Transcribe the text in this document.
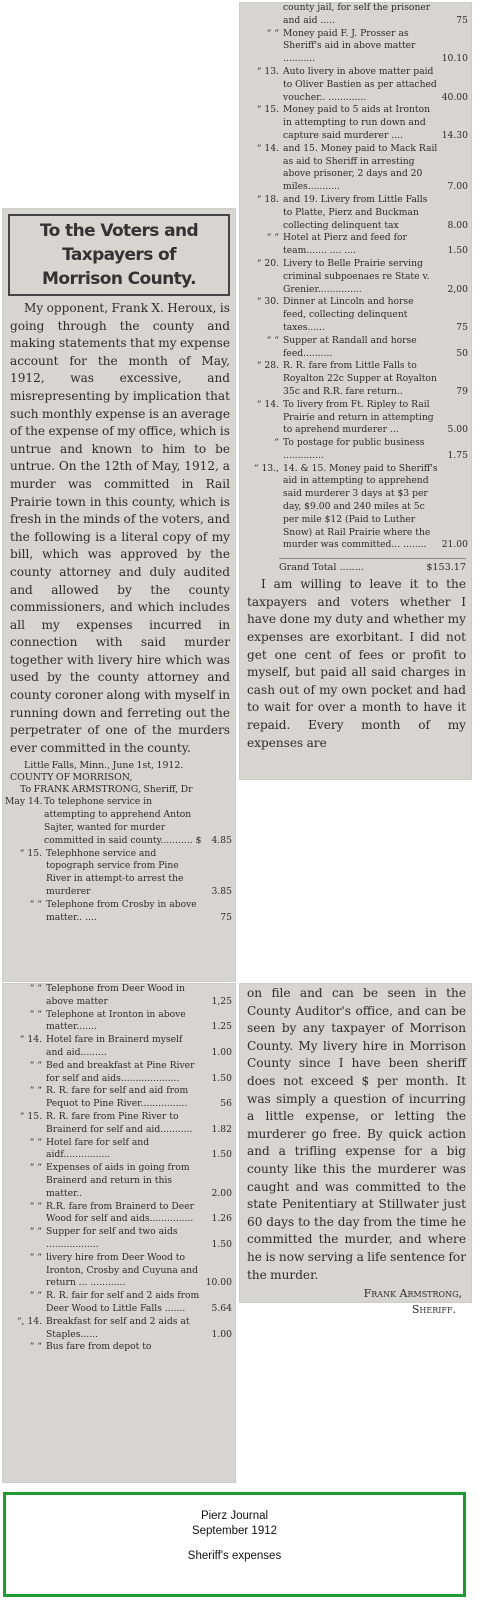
To the Voters and Taxpayers of
Morrison County.

My opponent, Frank X. Heroux, is going through the county and making statements that my expense account for the month of May, 1912, was excessive, and misrepresenting by implication that such monthly expense is an average of the expense of my office, which is untrue and known to him to be untrue. On the 12th of May, 1912, a murder was committed in Rail Prairie town in this county, which is fresh in the minds of the voters, and the following is a literal copy of my bill, which was approved by the county attorney and duly audited and allowed by the county commissioners, and which includes all my expenses incurred in connection with said murder together with livery hire which was used by the county attorney and county coroner along with myself in running down and ferreting out the perpetrater of one of the murders ever committed in the county.

Little Falls, Minn., June 1st, 1912.
COUNTY OF MORRISON,
To FRANK ARMSTRONG, Sheriff, Dr
May 14. To telephone service in attempting to apprehend Anton Sajter, wanted for murder committed in said county........... $	4.85
“ 15. Telephhone service and topograph service from Pine River in attempt-to arrest the murderer	3.85
“ “ Telephone from Crosby in above matter.. ....	75
county jail, for self the prisoner and aid .....	75
“ “ Money paid F. J. Prosser as Sheriff's aid in above matter ...........	10.10
“ 13. Auto livery in above matter paid to Oliver Bastien as per attached voucher.. .............	40.00
“ 15. Money paid to 5 aids at Ironton in attempting to run down and capture said murderer ....	14.30
“ 14. and 15. Money paid to Mack Rail as aid to Sheriff in arresting above prisoner, 2 days and 20 miles...........	7.00
“ 18. and 19. Livery from Little Falls to Platte, Pierz and Buckman collecting delinquent tax	8.00
“ “ Hotel at Pierz and feed for team....... .... ....	1.50
“ 20. Livery to Belle Prairie serving criminal subpoenaes re State v. Grenier...............	2,00
“ 30. Dinner at Lincoln and horse feed, collecting delinquent taxes......	75
“ “ Supper at Randall and horse feed..........	50
“ 28. R. R. fare from Little Falls to Royalton 22c Supper at Royalton 35c and R.R. fare return..	79
“ 14. To livery from Ft. Ripley to Rail Prairie and return in attempting to aprehend murderer ...	5.00
“ To postage for public business ..............	1.75
“ 13., 14. & 15. Money paid to Sheriff's aid in attempting to apprehend said murderer 3 days at $3 per day, $9.00 and 240 miles at 5c per mile $12 (Paid to Luther Snow) at Rail Prairie where the murder was committed... ........	21.00
Grand Total ........	$153.17

I am willing to leave it to the taxpayers and voters whether I have done my duty and whether my expenses are exorbitant. I did not get one cent of fees or profit to myself, but paid all said charges in cash out of my own pocket and had to wait for over a month to have it repaid. Every month of my expenses are

“ “ Telephone from Deer Wood in above matter	1,25
“ “ Telephone at Ironton in above matter.......	1.25
“ 14. Hotel fare in Brainerd myself and aid.........	1.00
“ “ Bed and breakfast at Pine River for self and aids....................	1.50
“ “ R. R. fare for self and aid from Pequot to Pine River................	56
“ 15. R. R. fare from Pine River to Brainerd for self and aid...........	1.82
“ “ Hotel fare for self and aidf................	1.50
“ “ Expenses of aids in going from Brainerd and return in this matter..	2.00
“ “ R.R. fare from Brainerd to Deer Wood for self and aids...............	1.26
“ “ Supper for self and two aids ..................	1.50
“ “ livery hire from Deer Wood to Ironton, Crosby and Cuyuna and return ... ............	10.00
“ “ R. R. fair for self and 2 aids from Deer Wood to Little Falls .......	5.64
“, 14. Breakfast for self and 2 aids at Staples......	1.00
“ “ Bus fare from depot to
on file and can be seen in the County Auditor's office, and can be seen by any taxpayer of Morrison County. My livery hire in Morrison County since I have been sheriff does not exceed $ per month. It was simply a question of incurring a little expense, or letting the murderer go free. By quick action and a trifling expense for a big county like this the murderer was caught and was committed to the state Penitentiary at Stillwater just 60 days to the day from the time he committed the murder, and where he is now serving a life sentence for the murder.
Frank Armstrong,
Sheriff.
Pierz Journal
September 1912
Sheriff's expenses
